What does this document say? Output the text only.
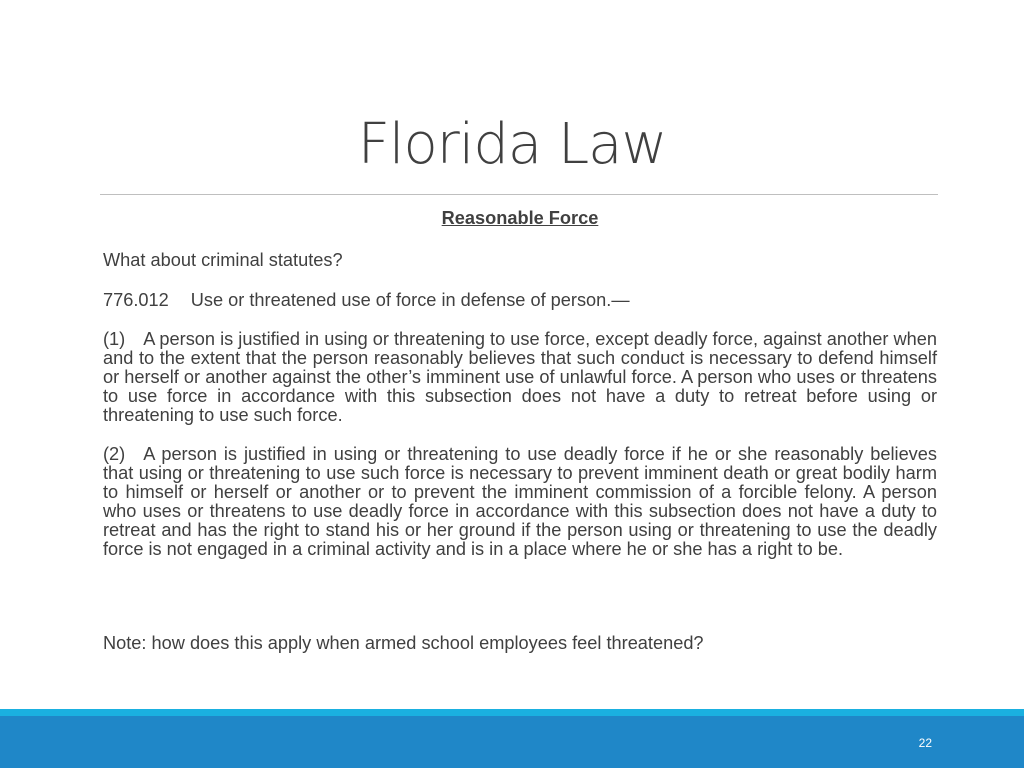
Florida Law
Reasonable Force
What about criminal statutes?
776.012 Use or threatened use of force in defense of person.—
(1) A person is justified in using or threatening to use force, except deadly force, against another when and to the extent that the person reasonably believes that such conduct is necessary to defend himself or herself or another against the other’s imminent use of unlawful force. A person who uses or threatens to use force in accordance with this subsection does not have a duty to retreat before using or threatening to use such force.
(2) A person is justified in using or threatening to use deadly force if he or she reasonably believes that using or threatening to use such force is necessary to prevent imminent death or great bodily harm to himself or herself or another or to prevent the imminent commission of a forcible felony. A person who uses or threatens to use deadly force in accordance with this subsection does not have a duty to retreat and has the right to stand his or her ground if the person using or threatening to use the deadly force is not engaged in a criminal activity and is in a place where he or she has a right to be.

Note: how does this apply when armed school employees feel threatened?

22
